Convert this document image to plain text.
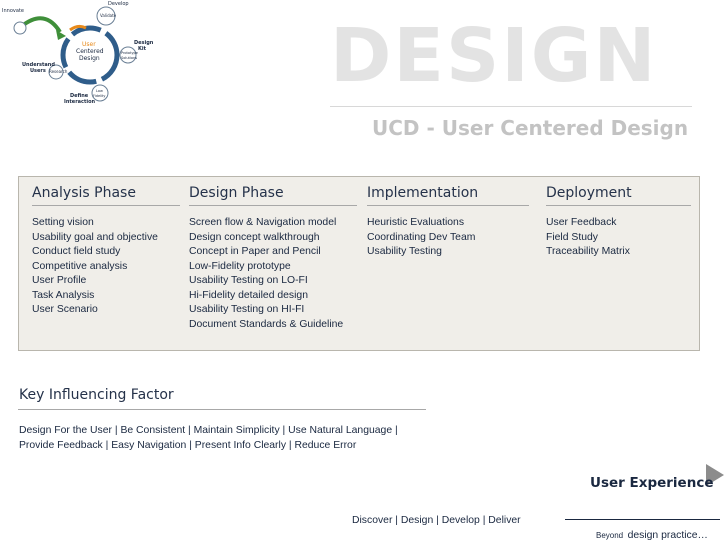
Innovate
Develop
Validate
Design
Kit
Prototype
Solutions
User
Centered
Design
Understand
Users Research
Define
Interaction
Low
Fidelity	DESIGN
UCD - User Centered Design
Analysis Phase
Setting vision
Usability goal and objective
Conduct field study
Competitive analysis
User Profile
Task Analysis
User Scenario
Design Phase
Screen flow & Navigation model
Design concept walkthrough
Concept in Paper and Pencil
Low-Fidelity prototype
Usability Testing on LO-FI
Hi-Fidelity detailed design
Usability Testing on HI-FI
Document Standards & Guideline
Implementation
Heuristic Evaluations
Coordinating Dev Team
Usability Testing
Deployment
User Feedback
Field Study
Traceability Matrix
Key Influencing Factor
Design For the User | Be Consistent | Maintain Simplicity | Use Natural Language |
Provide Feedback | Easy Navigation | Present Info Clearly | Reduce Error
User Experience
Discover | Design | Develop | Deliver
Beyond design practice…
